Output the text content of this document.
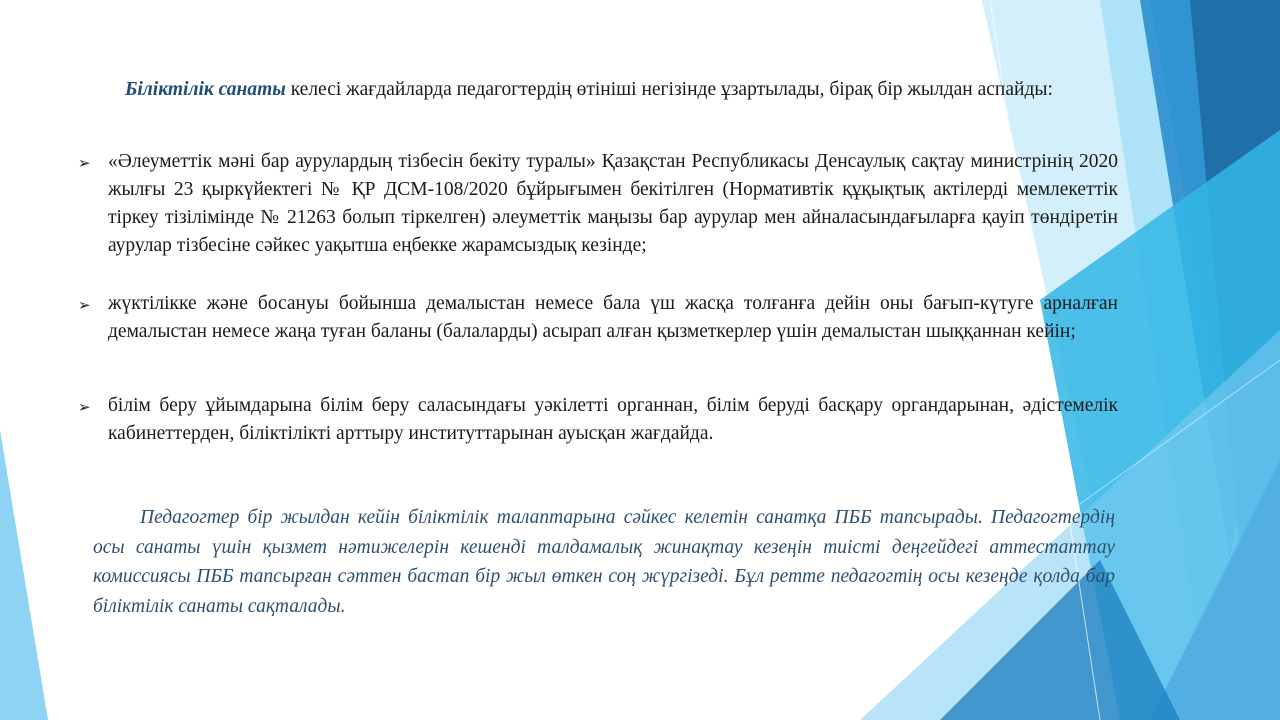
Біліктілік санаты келесі жағдайларда педагогтердің өтініші негізінде ұзартылады, бірақ бір жылдан аспайды:

➢ «Әлеуметтік мәні бар аурулардың тізбесін бекіту туралы» Қазақстан Республикасы Денсаулық сақтау министрінің 2020 жылғы 23 қыркүйектегі № ҚР ДСМ-108/2020 бұйрығымен бекітілген (Нормативтік құқықтық актілерді мемлекеттік тіркеу тізілімінде № 21263 болып тіркелген) әлеуметтік маңызы бар аурулар мен айналасындағыларға қауіп төндіретін аурулар тізбесіне сәйкес уақытша еңбекке жарамсыздық кезінде;

➢ жүктілікке және босануы бойынша демалыстан немесе бала үш жасқа толғанға дейін оны бағып-күтуге арналған демалыстан немесе жаңа туған баланы (балаларды) асырап алған қызметкерлер үшін демалыстан шыққаннан кейін;

➢ білім беру ұйымдарына білім беру саласындағы уәкілетті органнан, білім беруді басқару органдарынан, әдістемелік кабинеттерден, біліктілікті арттыру институттарынан ауысқан жағдайда.

Педагогтер бір жылдан кейін біліктілік талаптарына сәйкес келетін санатқа ПББ тапсырады. Педагогтердің осы санаты үшін қызмет нәтижелерін кешенді талдамалық жинақтау кезеңін тиісті деңгейдегі аттестаттау комиссиясы ПББ тапсырған сәттен бастап бір жыл өткен соң жүргізеді. Бұл ретте педагогтің осы кезеңде қолда бар біліктілік санаты сақталады.
